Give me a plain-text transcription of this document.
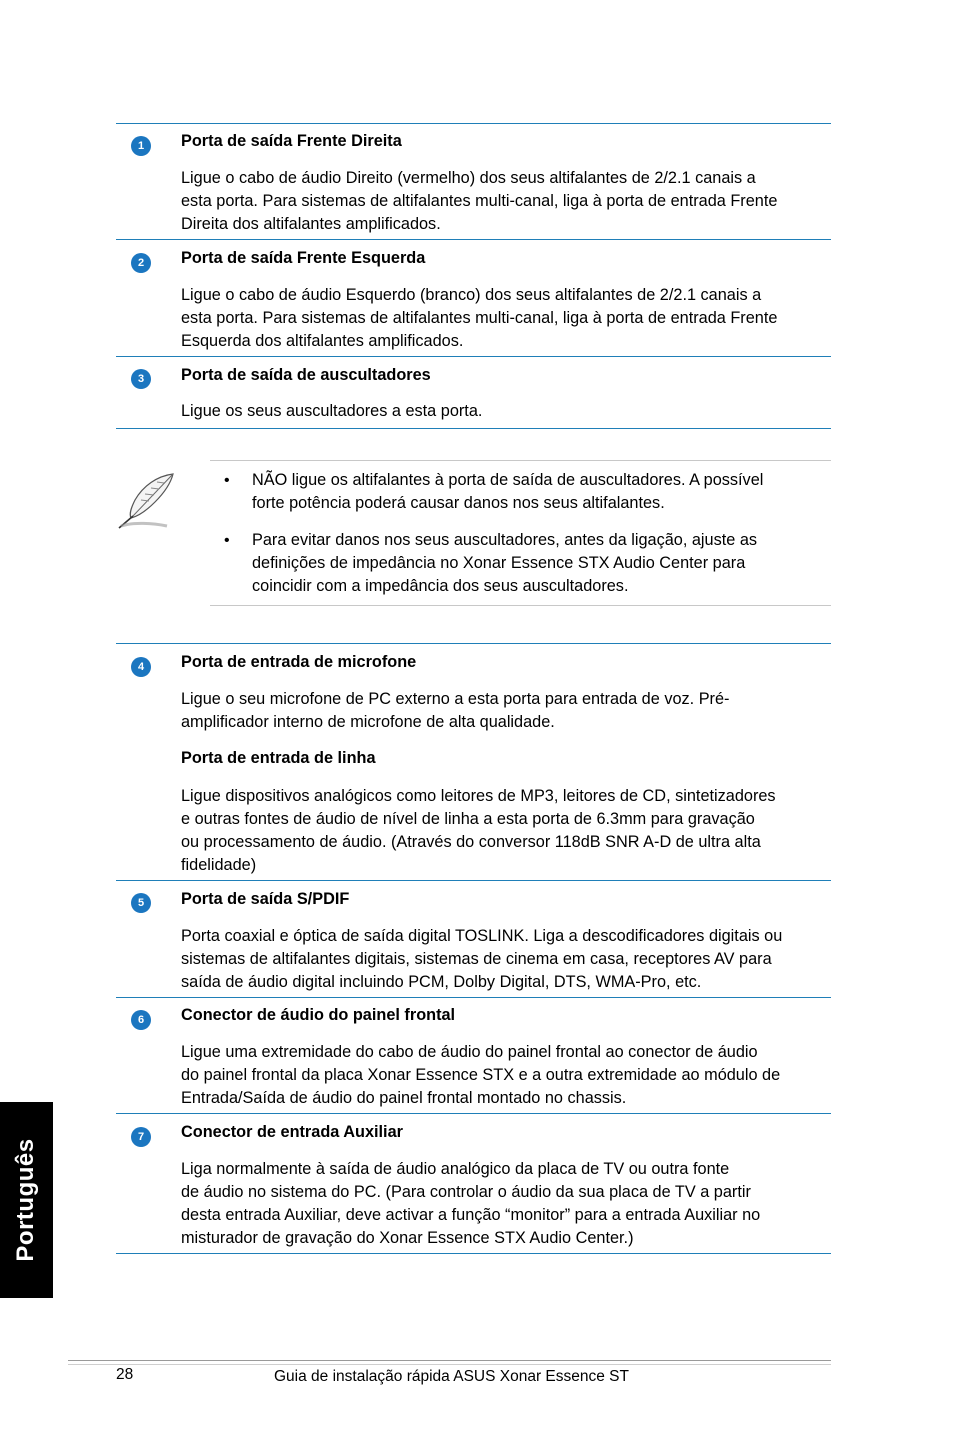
1	Porta de saída Frente Direita
Ligue o cabo de áudio Direito (vermelho) dos seus altifalantes de 2/2.1 canais a
esta porta. Para sistemas de altifalantes multi-canal, liga à porta de entrada Frente
Direita dos altifalantes amplificados.
2	Porta de saída Frente Esquerda
Ligue o cabo de áudio Esquerdo (branco) dos seus altifalantes de 2/2.1 canais a
esta porta. Para sistemas de altifalantes multi-canal, liga à porta de entrada Frente
Esquerda dos altifalantes amplificados.
3	Porta de saída de auscultadores
Ligue os seus auscultadores a esta porta.
• NÃO ligue os altifalantes à porta de saída de auscultadores. A possível
forte potência poderá causar danos nos seus altifalantes.
• Para evitar danos nos seus auscultadores, antes da ligação, ajuste as
definições de impedância no Xonar Essence STX Audio Center para
coincidir com a impedância dos seus auscultadores.
4	Porta de entrada de microfone
Ligue o seu microfone de PC externo a esta porta para entrada de voz. Pré-
amplificador interno de microfone de alta qualidade.
Porta de entrada de linha
Ligue dispositivos analógicos como leitores de MP3, leitores de CD, sintetizadores
e outras fontes de áudio de nível de linha a esta porta de 6.3mm para gravação
ou processamento de áudio. (Através do conversor 118dB SNR A-D de ultra alta
fidelidade)
5	Porta de saída S/PDIF
Porta coaxial e óptica de saída digital TOSLINK. Liga a descodificadores digitais ou
sistemas de altifalantes digitais, sistemas de cinema em casa, receptores AV para
saída de áudio digital incluindo PCM, Dolby Digital, DTS, WMA-Pro, etc.
6	Conector de áudio do painel frontal
Ligue uma extremidade do cabo de áudio do painel frontal ao conector de áudio
do painel frontal da placa Xonar Essence STX e a outra extremidade ao módulo de
Entrada/Saída de áudio do painel frontal montado no chassis.
7	Conector de entrada Auxiliar
Liga normalmente à saída de áudio analógico da placa de TV ou outra fonte
de áudio no sistema do PC. (Para controlar o áudio da sua placa de TV a partir
desta entrada Auxiliar, deve activar a função “monitor” para a entrada Auxiliar no
misturador de gravação do Xonar Essence STX Audio Center.)
Português
28	Guia de instalação rápida ASUS Xonar Essence ST
